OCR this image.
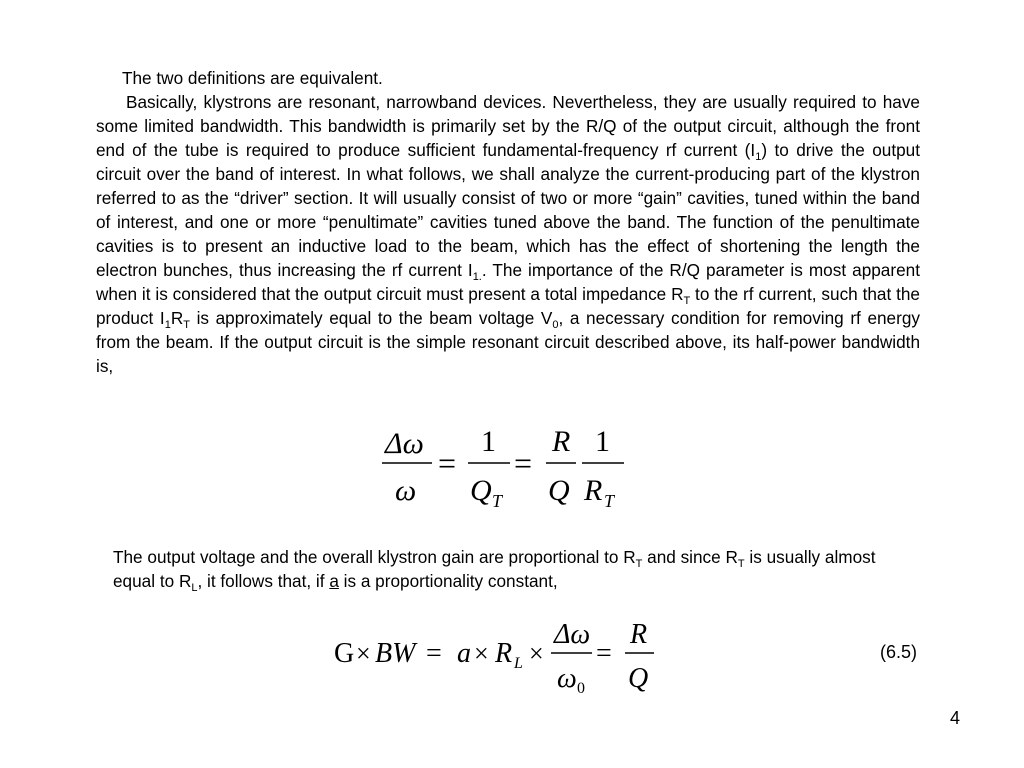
The two definitions are equivalent.
Basically, klystrons are resonant, narrowband devices. Nevertheless, they are usually required to have some limited bandwidth. This bandwidth is primarily set by the R/Q of the output circuit, although the front end of the tube is required to produce sufficient fundamental-frequency rf current $(I_1)$ to drive the output circuit over the band of interest. In what follows, we shall analyze the current-producing part of the klystron referred to as the “driver” section. It will usually consist of two or more “gain” cavities, tuned within the band of interest, and one or more “penultimate” cavities tuned above the band. The function of the penultimate cavities is to present an inductive load to the beam, which has the effect of shortening the length the electron bunches, thus increasing the rf current $I_{1.}$. The importance of the R/Q parameter is most apparent when it is considered that the output circuit must present a total impedance $R_T$ to the rf current, such that the product $I_1R_T$ is approximately equal to the beam voltage $V_0$, a necessary condition for removing rf energy from the beam. If the output circuit is the simple resonant circuit described above, its half-power bandwidth is,
Δω
ω
=
1
Q T
=
R
Q
1
R T
The output voltage and the overall klystron gain are proportional to $R_T$ and since $R_T$ is usually almost equal to $R_L$, it follows that, if a is a proportionality constant,
G × BW = a × R L ×
Δω
ω 0
=
R
Q
(6.5)
4
